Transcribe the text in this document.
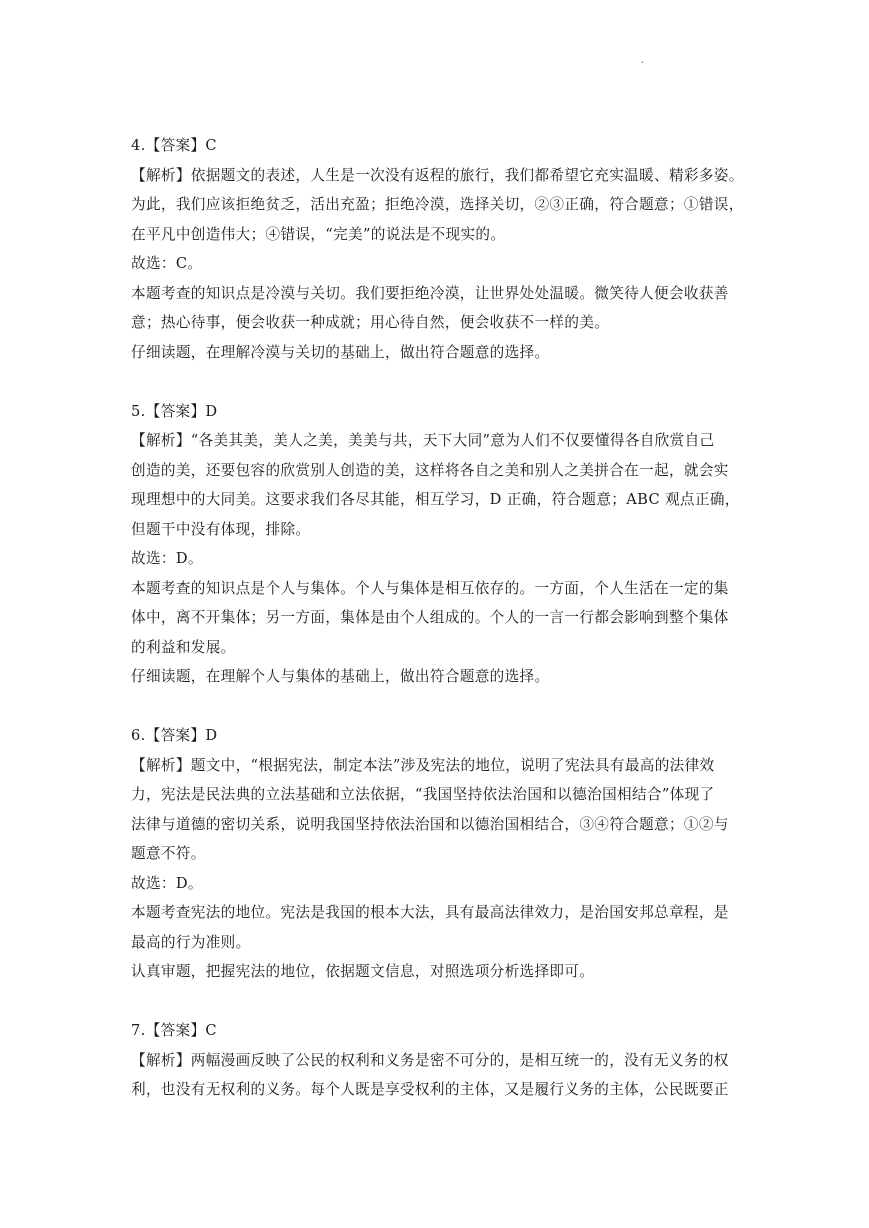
.
4.【答案】C
【解析】依据题文的表述，人生是一次没有返程的旅行，我们都希望它充实温暖、精彩多姿。
为此，我们应该拒绝贫乏，活出充盈；拒绝冷漠，选择关切，②③正确，符合题意；①错误，
在平凡中创造伟大；④错误，“完美”的说法是不现实的。
故选：C。
本题考查的知识点是冷漠与关切。我们要拒绝冷漠，让世界处处温暖。微笑待人便会收获善
意；热心待事，便会收获一种成就；用心待自然，便会收获不一样的美。
仔细读题，在理解冷漠与关切的基础上，做出符合题意的选择。
5.【答案】D
【解析】“各美其美，美人之美，美美与共，天下大同”意为人们不仅要懂得各自欣赏自己
创造的美，还要包容的欣赏别人创造的美，这样将各自之美和别人之美拼合在一起，就会实
现理想中的大同美。这要求我们各尽其能，相互学习，D 正确，符合题意；ABC 观点正确，
但题干中没有体现，排除。
故选：D。
本题考查的知识点是个人与集体。个人与集体是相互依存的。一方面，个人生活在一定的集
体中，离不开集体；另一方面，集体是由个人组成的。个人的一言一行都会影响到整个集体
的利益和发展。
仔细读题，在理解个人与集体的基础上，做出符合题意的选择。
6.【答案】D
【解析】题文中，“根据宪法，制定本法”涉及宪法的地位，说明了宪法具有最高的法律效
力，宪法是民法典的立法基础和立法依据，“我国坚持依法治国和以德治国相结合”体现了
法律与道德的密切关系，说明我国坚持依法治国和以德治国相结合，③④符合题意；①②与
题意不符。
故选：D。
本题考查宪法的地位。宪法是我国的根本大法，具有最高法律效力，是治国安邦总章程，是
最高的行为准则。
认真审题，把握宪法的地位，依据题文信息，对照选项分析选择即可。
7.【答案】C
【解析】两幅漫画反映了公民的权利和义务是密不可分的，是相互统一的，没有无义务的权
利，也没有无权利的义务。每个人既是享受权利的主体，又是履行义务的主体，公民既要正
